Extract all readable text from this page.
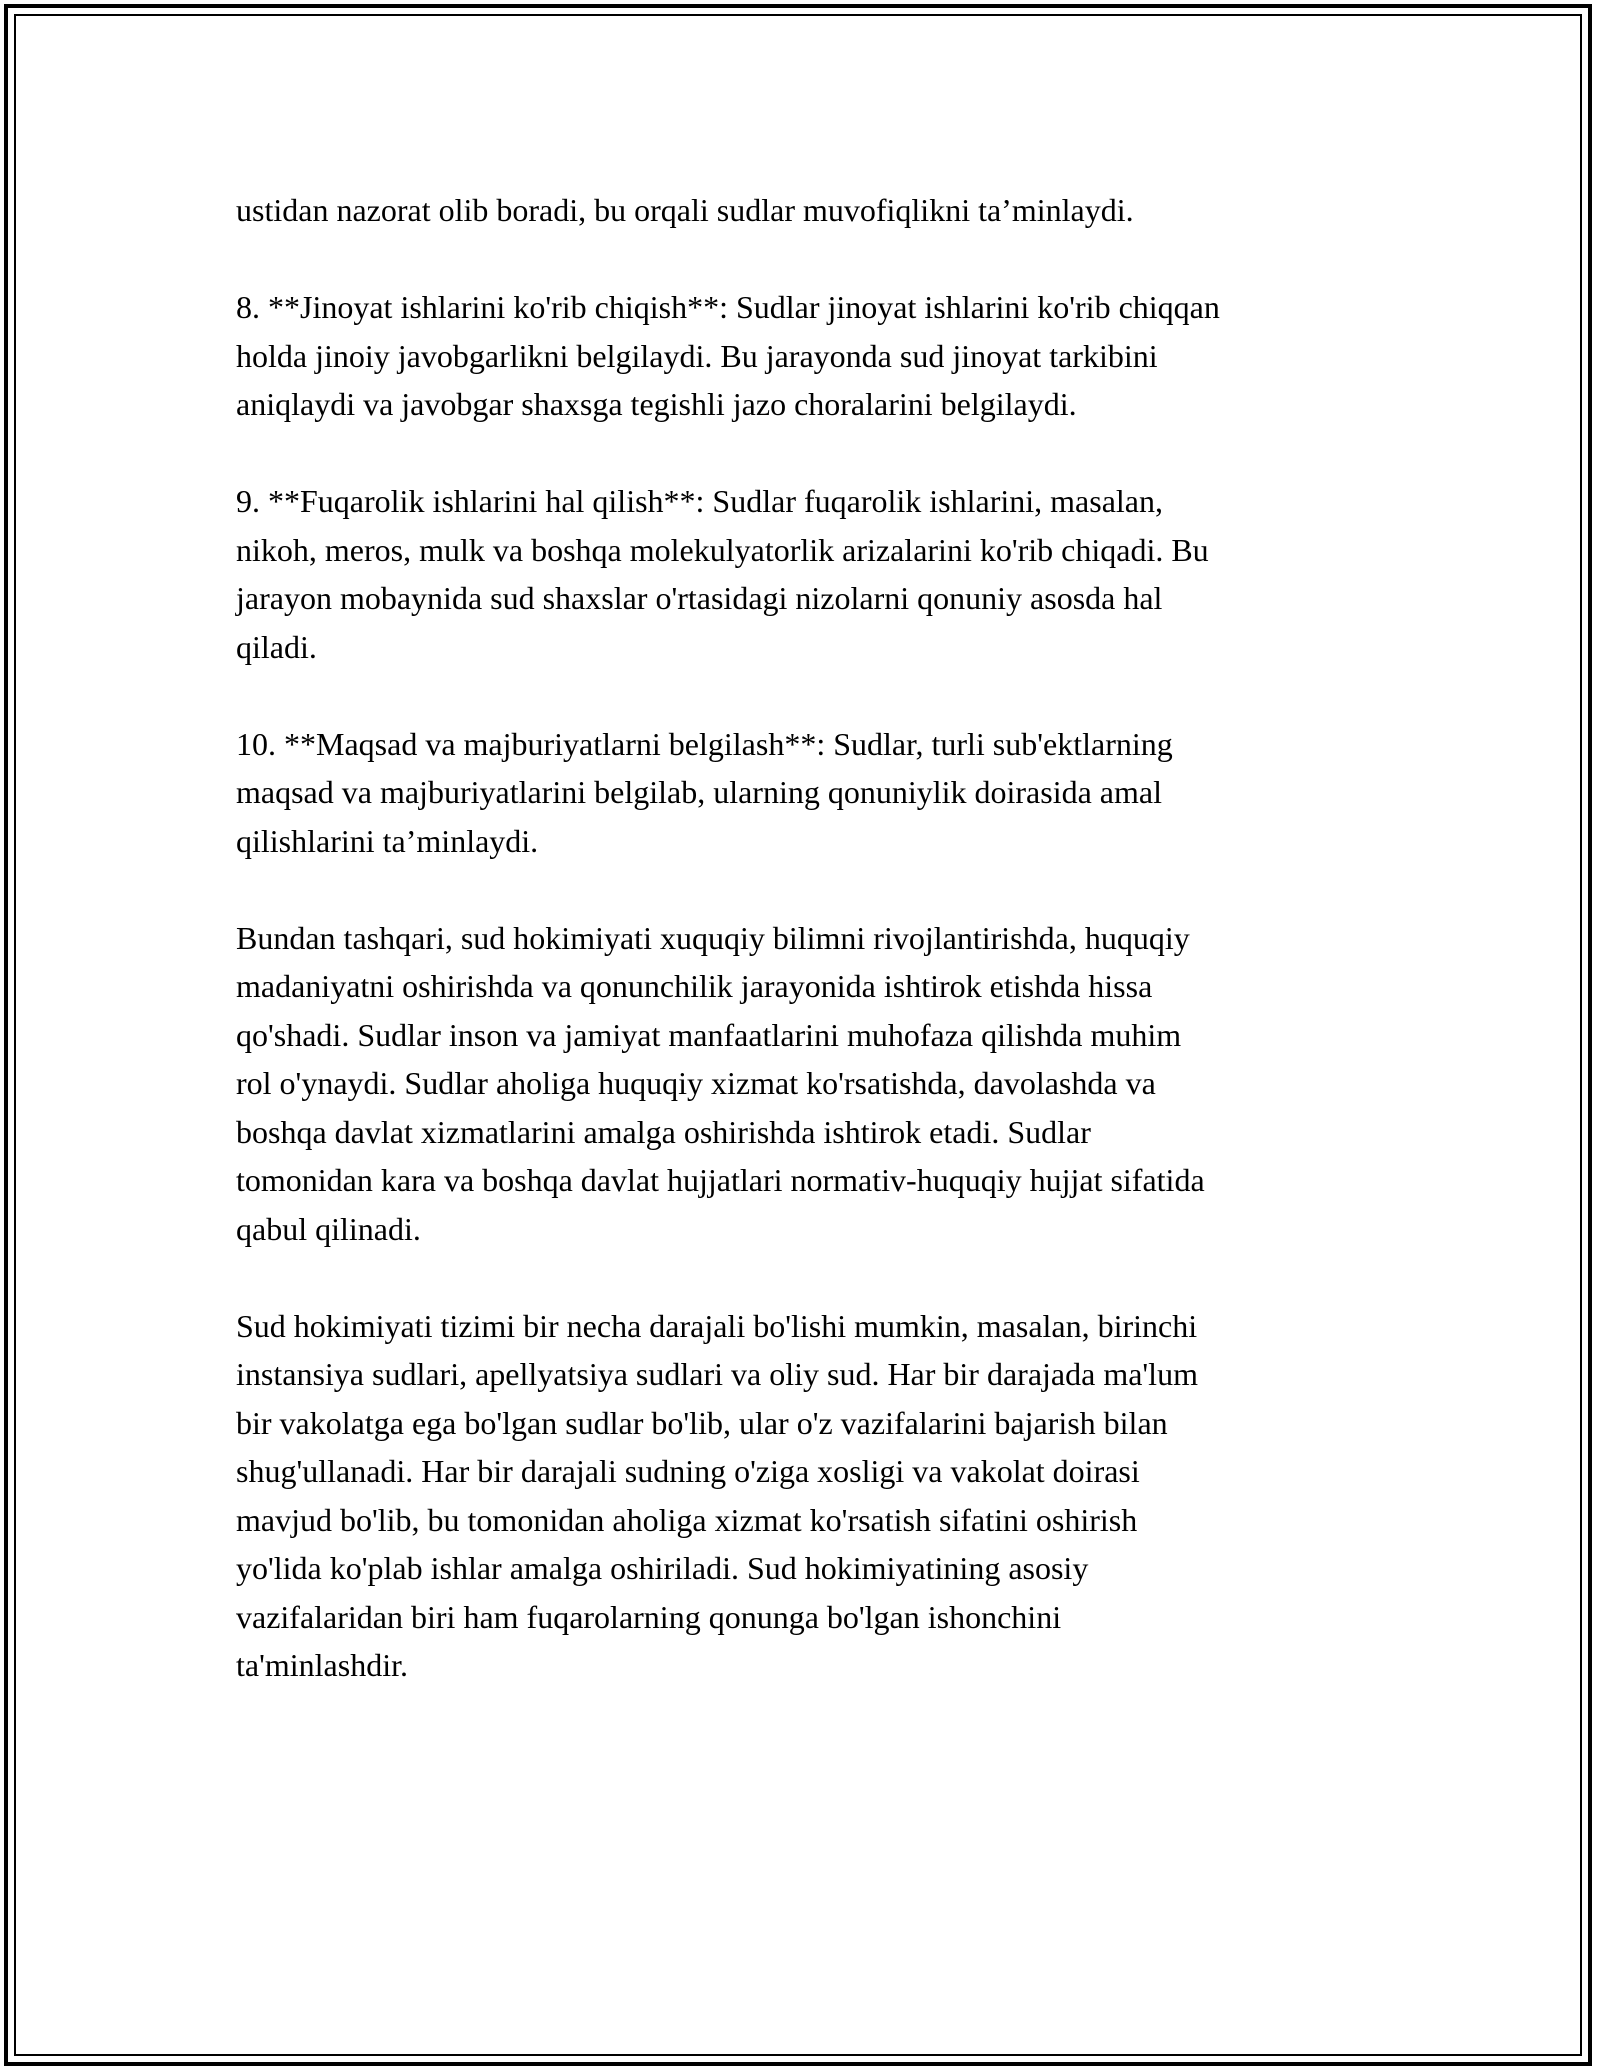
ustidan nazorat olib boradi, bu orqali sudlar muvofiqlikni ta’minlaydi.

8. **Jinoyat ishlarini ko'rib chiqish**: Sudlar jinoyat ishlarini ko'rib chiqqan
holda jinoiy javobgarlikni belgilaydi. Bu jarayonda sud jinoyat tarkibini
aniqlaydi va javobgar shaxsga tegishli jazo choralarini belgilaydi.

9. **Fuqarolik ishlarini hal qilish**: Sudlar fuqarolik ishlarini, masalan,
nikoh, meros, mulk va boshqa molekulyatorlik arizalarini ko'rib chiqadi. Bu
jarayon mobaynida sud shaxslar o'rtasidagi nizolarni qonuniy asosda hal
qiladi.

10. **Maqsad va majburiyatlarni belgilash**: Sudlar, turli sub'ektlarning
maqsad va majburiyatlarini belgilab, ularning qonuniylik doirasida amal
qilishlarini ta’minlaydi.

Bundan tashqari, sud hokimiyati xuquqiy bilimni rivojlantirishda, huquqiy
madaniyatni oshirishda va qonunchilik jarayonida ishtirok etishda hissa
qo'shadi. Sudlar inson va jamiyat manfaatlarini muhofaza qilishda muhim
rol o'ynaydi. Sudlar aholiga huquqiy xizmat ko'rsatishda, davolashda va
boshqa davlat xizmatlarini amalga oshirishda ishtirok etadi. Sudlar
tomonidan kara va boshqa davlat hujjatlari normativ-huquqiy hujjat sifatida
qabul qilinadi.

Sud hokimiyati tizimi bir necha darajali bo'lishi mumkin, masalan, birinchi
instansiya sudlari, apellyatsiya sudlari va oliy sud. Har bir darajada ma'lum
bir vakolatga ega bo'lgan sudlar bo'lib, ular o'z vazifalarini bajarish bilan
shug'ullanadi. Har bir darajali sudning o'ziga xosligi va vakolat doirasi
mavjud bo'lib, bu tomonidan aholiga xizmat ko'rsatish sifatini oshirish
yo'lida ko'plab ishlar amalga oshiriladi. Sud hokimiyatining asosiy
vazifalaridan biri ham fuqarolarning qonunga bo'lgan ishonchini
ta'minlashdir.
